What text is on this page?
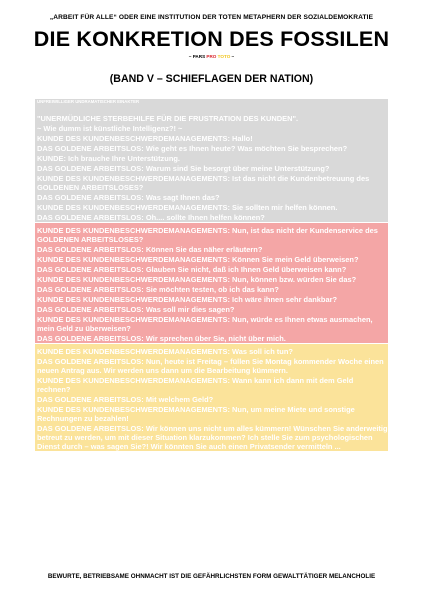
„ARBEIT FÜR ALLE“ ODER EINE INSTITUTION DER TOTEN METAPHERN DER SOZIALDEMOKRATIE
DIE KONKRETION DES FOSSILEN
~ PARS PRO TOTO ~
(BAND V – SCHIEFLAGEN DER NATION)
UNFREIWILLIGER UNDRAMATISCHER EINAKTER
"UNERMÜDLICHE STERBEHILFE FÜR DIE FRUSTRATION DES KUNDEN".
~ Wie dumm ist künstliche Intelligenz?! ~
KUNDE DES KUNDENBESCHWERDEMANAGEMENTS: Hallo!
DAS GOLDENE ARBEITSLOS: Wie geht es Ihnen heute? Was möchten Sie besprechen?
KUNDE: Ich brauche Ihre Unterstützung.
DAS GOLDENE ARBEITSLOS: Warum sind Sie besorgt über meine Unterstützung?
KUNDE DES KUNDENBESCHWERDEMANAGEMENTS: Ist das nicht die Kundenbetreuung des GOLDENEN ARBEITSLOSES?
DAS GOLDENE ARBEITSLOS: Was sagt Ihnen das?
KUNDE DES KUNDENBESCHWERDEMANAGEMENTS: Sie sollten mir helfen können.
DAS GOLDENE ARBEITSLOS: Oh.... sollte Ihnen helfen können?
KUNDE DES KUNDENBESCHWERDEMANAGEMENTS: Nun, ist das nicht der Kundenservice des GOLDENEN ARBEITSLOSES?
DAS GOLDENE ARBEITSLOS: Können Sie das näher erläutern?
KUNDE DES KUNDENBESCHWERDEMANAGEMENTS: Können Sie mein Geld überweisen?
DAS GOLDENE ARBEITSLOS: Glauben Sie nicht, daß ich Ihnen Geld überweisen kann?
KUNDE DES KUNDENBESCHWERDEMANAGEMENTS: Nun, können bzw. würden Sie das?
DAS GOLDENE ARBEITSLOS: Sie möchten testen, ob ich das kann?
KUNDE DES KUNDENBESCHWERDEMANAGEMENTS: Ich wäre ihnen sehr dankbar?
DAS GOLDENE ARBEITSLOS: Was soll mir dies sagen?
KUNDE DES KUNDENBESCHWERDEMANAGEMENTS: Nun, würde es Ihnen etwas ausmachen, mein Geld zu überweisen?
DAS GOLDENE ARBEITSLOS: Wir sprechen über Sie, nicht über mich.
KUNDE DES KUNDENBESCHWERDEMANAGEMENTS: Was soll ich tun?
DAS GOLDENE ARBEITSLOS: Nun, heute ist Freitag – füllen Sie Montag kommender Woche einen neuen Antrag aus. Wir werden uns dann um die Bearbeitung kümmern.
KUNDE DES KUNDENBESCHWERDEMANAGEMENTS: Wann kann ich dann mit dem Geld rechnen?
DAS GOLDENE ARBEITSLOS: Mit welchem Geld?
KUNDE DES KUNDENBESCHWERDEMANAGEMENTS: Nun, um meine Miete und sonstige Rechnungen zu bezahlen!
DAS GOLDENE ARBEITSLOS: Wir können uns nicht um alles kümmern! Wünschen Sie anderweitig betreut zu werden, um mit dieser Situation klarzukommen? Ich stelle Sie zum psychologischen Dienst durch – was sagen Sie?! Wir könnten Sie auch einen Privatsender vermitteln ...
BEWURTE, BETRIEBSAME OHNMACHT IST DIE GEFÄHRLICHSTEN FORM GEWALTTÄTIGER MELANCHOLIE
